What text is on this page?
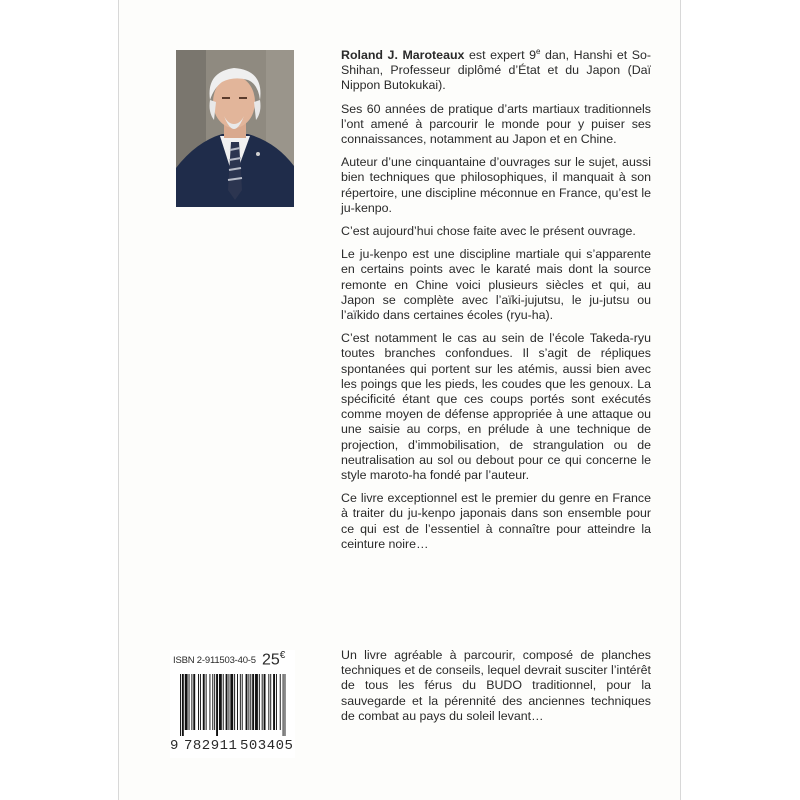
Roland J. Maroteaux est expert 9e dan, Hanshi et So-Shihan, Professeur diplômé d’État et du Japon (Daï Nippon Butokukai).

Ses 60 années de pratique d’arts martiaux traditionnels l’ont amené à parcourir le monde pour y puiser ses connaissances, notamment au Japon et en Chine.

Auteur d’une cinquantaine d’ouvrages sur le sujet, aussi bien techniques que philosophiques, il manquait à son répertoire, une discipline méconnue en France, qu’est le ju-kenpo.

C’est aujourd’hui chose faite avec le présent ouvrage.

Le ju-kenpo est une discipline martiale qui s’apparente en certains points avec le karaté mais dont la source remonte en Chine voici plusieurs siècles et qui, au Japon se complète avec l’aïki-jujutsu, le ju-jutsu ou l’aïkido dans certaines écoles (ryu-ha).

C’est notamment le cas au sein de l’école Takeda-ryu toutes branches confondues. Il s’agit de répliques spontanées qui portent sur les atémis, aussi bien avec les poings que les pieds, les coudes que les genoux. La spécificité étant que ces coups portés sont exécutés comme moyen de défense appropriée à une attaque ou une saisie au corps, en prélude à une technique de projection, d’immobilisation, de strangulation ou de neutralisation au sol ou debout pour ce qui concerne le style maroto-ha fondé par l’auteur.

Ce livre exceptionnel est le premier du genre en France à traiter du ju-kenpo japonais dans son ensemble pour ce qui est de l’essentiel à connaître pour atteindre la ceinture noire…

Un livre agréable à parcourir, composé de planches techniques et de conseils, lequel devrait susciter l’intérêt de tous les férus du BUDO traditionnel, pour la sauvegarde et la pérennité des anciennes techniques de combat au pays du soleil levant…
ISBN 2-911503-40-5 25€
9 782911 503405
